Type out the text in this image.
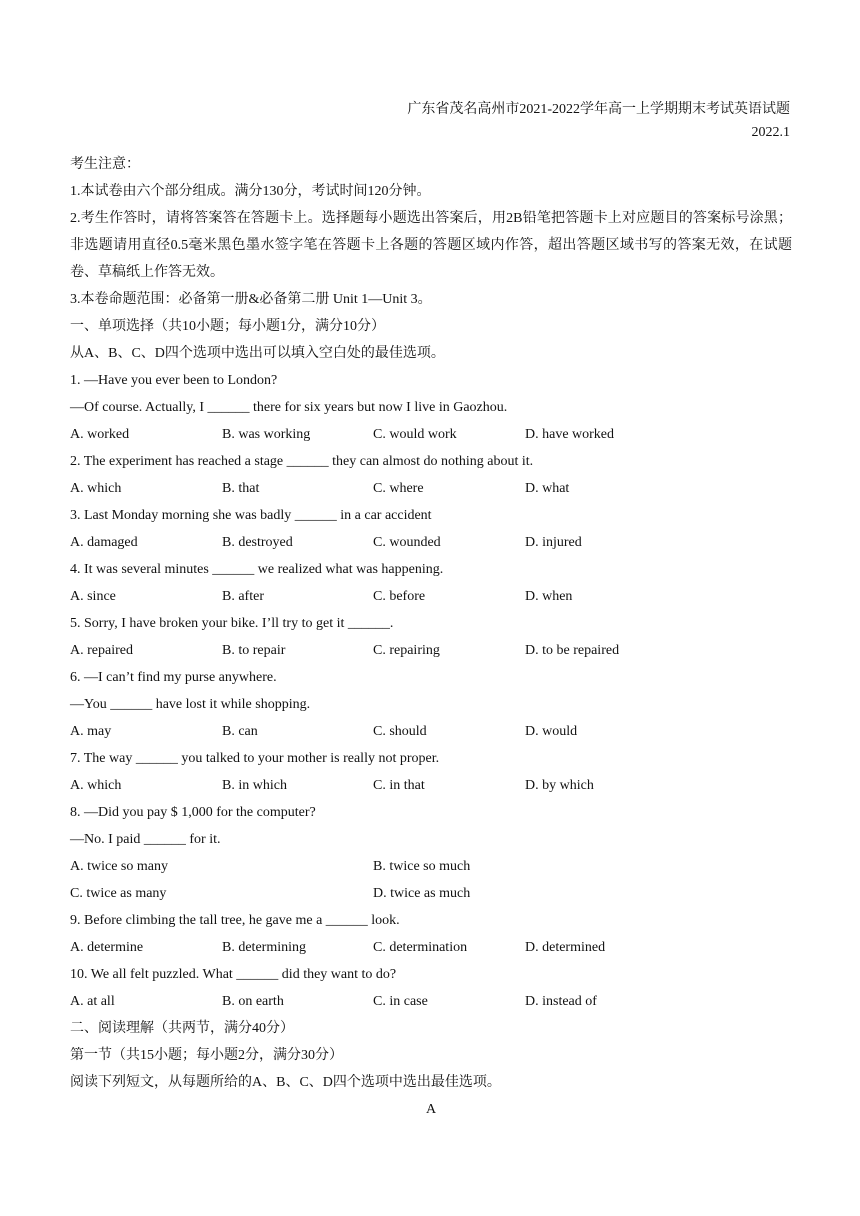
广东省茂名高州市2021-2022学年高一上学期期末考试英语试题
2022.1
考生注意：
1.本试卷由六个部分组成。满分130分，考试时间120分钟。
2.考生作答时，请将答案答在答题卡上。选择题每小题选出答案后，用2B铅笔把答题卡上对应题目的答案标号涂黑；非选题请用直径0.5毫米黑色墨水签字笔在答题卡上各题的答题区域内作答，超出答题区域书写的答案无效，在试题卷、草稿纸上作答无效。
3.本卷命题范围：必备第一册&必备第二册 Unit 1—Unit 3。
一、单项选择（共10小题；每小题1分，满分10分）
从A、B、C、D四个选项中选出可以填入空白处的最佳选项。
1. —Have you ever been to London?
—Of course. Actually, I ______ there for six years but now I live in Gaozhou.
A. worked	B. was working	C. would work	D. have worked
2. The experiment has reached a stage ______ they can almost do nothing about it.
A. which	B. that	C. where	D. what
3. Last Monday morning she was badly ______ in a car accident
A. damaged	B. destroyed	C. wounded	D. injured
4. It was several minutes ______ we realized what was happening.
A. since	B. after	C. before	D. when
5. Sorry, I have broken your bike. I’ll try to get it ______.
A. repaired	B. to repair	C. repairing	D. to be repaired
6. —I can’t find my purse anywhere.
—You ______ have lost it while shopping.
A. may	B. can	C. should	D. would
7. The way ______ you talked to your mother is really not proper.
A. which	B. in which	C. in that	D. by which
8. —Did you pay $ 1,000 for the computer?
—No. I paid ______ for it.
A. twice so many	B. twice so much
C. twice as many	D. twice as much
9. Before climbing the tall tree, he gave me a ______ look.
A. determine	B. determining	C. determination	D. determined
10. We all felt puzzled. What ______ did they want to do?
A. at all	B. on earth	C. in case	D. instead of
二、阅读理解（共两节，满分40分）
第一节（共15小题；每小题2分，满分30分）
阅读下列短文，从每题所给的A、B、C、D四个选项中选出最佳选项。
A
